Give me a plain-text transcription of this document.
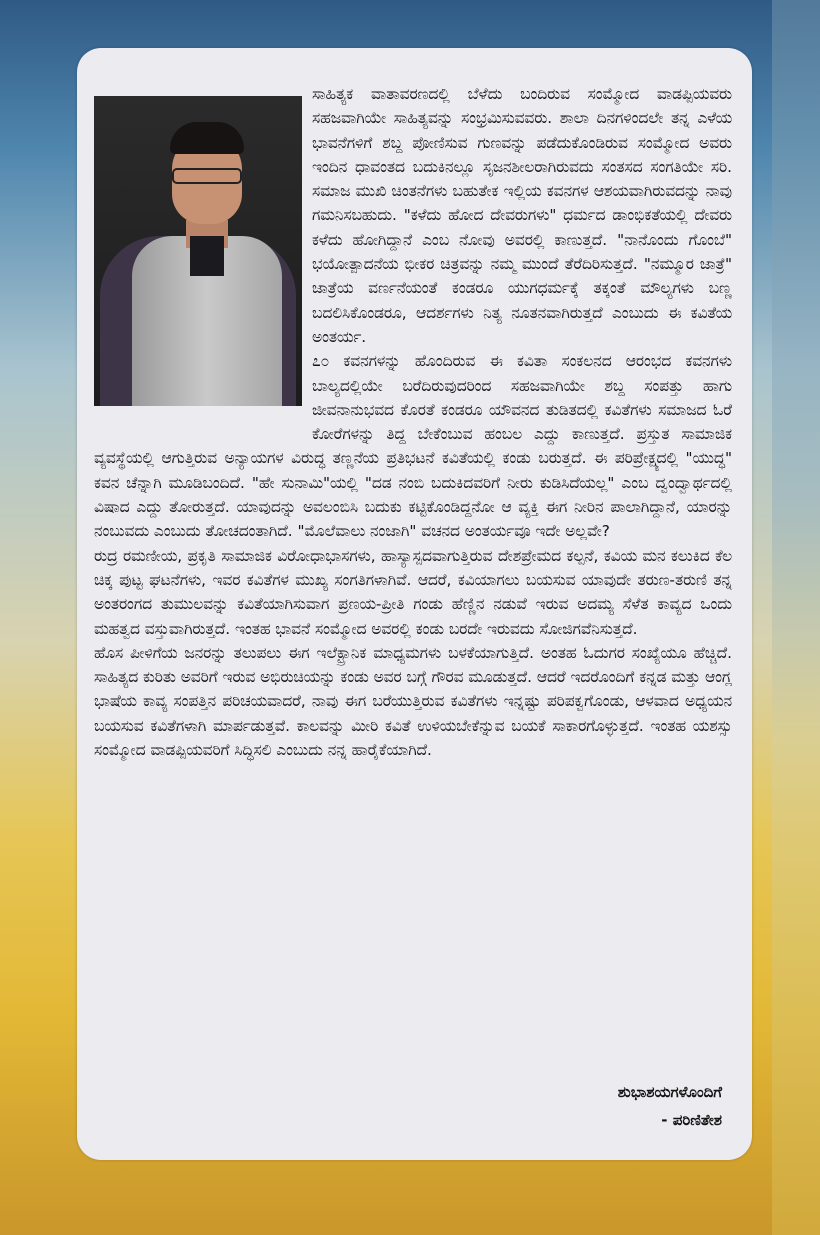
ಸಾಹಿತ್ಯಕ ವಾತಾವರಣದಲ್ಲಿ ಬೆಳೆದು ಬಂದಿರುವ ಸಂಮ್ಮೋದ ವಾಡಪ್ಪಿಯವರು ಸಹಜವಾಗಿಯೇ ಸಾಹಿತ್ಯವನ್ನು ಸಂಭ್ರಮಿಸುವವರು. ಶಾಲಾ ದಿನಗಳಿಂದಲೇ ತನ್ನ ಎಳೆಯ ಭಾವನೆಗಳಿಗೆ ಶಬ್ದ ಪೋಣಿಸುವ ಗುಣವನ್ನು ಪಡೆದುಕೊಂಡಿರುವ ಸಂಮ್ಮೋದ ಅವರು ಇಂದಿನ ಧಾವಂತದ ಬದುಕಿನಲ್ಲೂ ಸೃಜನಶೀಲರಾಗಿರುವದು ಸಂತಸದ ಸಂಗತಿಯೇ ಸರಿ. ಸಮಾಜ ಮುಖಿ ಚಿಂತನೆಗಳು ಬಹುತೇಕ ಇಲ್ಲಿಯ ಕವನಗಳ ಆಶಯವಾಗಿರುವದನ್ನು ನಾವು ಗಮನಿಸಬಹುದು. "ಕಳೆದು ಹೋದ ದೇವರುಗಳು" ಧರ್ಮದ ಡಾಂಭಿಕತೆಯಲ್ಲಿ ದೇವರು ಕಳೆದು ಹೋಗಿದ್ದಾನೆ ಎಂಬ ನೋವು ಅವರಲ್ಲಿ ಕಾಣುತ್ತದೆ. "ನಾನೊಂದು ಗೊಂಬೆ" ಭಯೋತ್ಪಾದನೆಯ ಭೀಕರ ಚಿತ್ರವನ್ನು ನಮ್ಮ ಮುಂದೆ ತೆರೆದಿರಿಸುತ್ತದೆ. "ನಮ್ಮೂರ ಜಾತ್ರೆ" ಜಾತ್ರೆಯ ವರ್ಣನೆಯಂತೆ ಕಂಡರೂ ಯುಗಧರ್ಮಕ್ಕೆ ತಕ್ಕಂತೆ ಮೌಲ್ಯಗಳು ಬಣ್ಣ ಬದಲಿಸಿಕೊಂಡರೂ, ಆದರ್ಶಗಳು ನಿತ್ಯ ನೂತನವಾಗಿರುತ್ತದೆ ಎಂಬುದು ಈ ಕವಿತೆಯ ಅಂತರ್ಯ.

೭೦ ಕವನಗಳನ್ನು ಹೊಂದಿರುವ ಈ ಕವಿತಾ ಸಂಕಲನದ ಆರಂಭದ ಕವನಗಳು ಬಾಲ್ಯದಲ್ಲಿಯೇ ಬರೆದಿರುವುದರಿಂದ ಸಹಜವಾಗಿಯೇ ಶಬ್ದ ಸಂಪತ್ತು ಹಾಗು ಜೀವನಾನುಭವದ ಕೊರತೆ ಕಂಡರೂ ಯೌವನದ ತುಡಿತದಲ್ಲಿ ಕವಿತೆಗಳು ಸಮಾಜದ ಓರೆ ಕೋರೆಗಳನ್ನು ತಿದ್ದ ಬೇಕೆಂಬುವ ಹಂಬಲ ಎದ್ದು ಕಾಣುತ್ತದೆ. ಪ್ರಸ್ತುತ ಸಾಮಾಜಿಕ ವ್ಯವಸ್ಥೆಯಲ್ಲಿ ಆಗುತ್ತಿರುವ ಅನ್ಯಾಯಗಳ ವಿರುದ್ಧ ತಣ್ಣನೆಯ ಪ್ರತಿಭಟನೆ ಕವಿತೆಯಲ್ಲಿ ಕಂಡು ಬರುತ್ತದೆ. ಈ ಪರಿಪ್ರೇಕ್ಷ್ಯದಲ್ಲಿ "ಯುದ್ಧ" ಕವನ ಚೆನ್ನಾಗಿ ಮೂಡಿಬಂದಿದೆ. "ಹೇ ಸುನಾಮಿ"ಯಲ್ಲಿ "ದಡ ನಂಬಿ ಬದುಕಿದವರಿಗೆ ನೀರು ಕುಡಿಸಿದೆಯಲ್ಲ" ಎಂಬ ದ್ವಂದ್ವಾರ್ಥದಲ್ಲಿ ವಿಷಾದ ಎದ್ದು ತೋರುತ್ತದೆ. ಯಾವುದನ್ನು ಅವಲಂಬಿಸಿ ಬದುಕು ಕಟ್ಟಿಕೊಂಡಿದ್ದನೋ ಆ ವ್ಯಕ್ತಿ ಈಗ ನೀರಿನ ಪಾಲಾಗಿದ್ದಾನೆ, ಯಾರನ್ನು ನಂಬುವದು ಎಂಬುದು ತೋಚದಂತಾಗಿದೆ. "ಮೊಲೆವಾಲು ನಂಜಾಗಿ" ವಚನದ ಅಂತರ್ಯವೂ ಇದೇ ಅಲ್ಲವೇ?

ರುದ್ರ ರಮಣೀಯ, ಪ್ರಕೃತಿ ಸಾಮಾಜಿಕ ವಿರೋಧಾಭಾಸಗಳು, ಹಾಸ್ಯಾಸ್ಪದವಾಗುತ್ತಿರುವ ದೇಶಪ್ರೇಮದ ಕಲ್ಪನೆ, ಕವಿಯ ಮನ ಕಲುಕಿದ ಕೆಲ ಚಿಕ್ಕ ಪುಟ್ಟ ಘಟನೆಗಳು, ಇವರ ಕವಿತೆಗಳ ಮುಖ್ಯ ಸಂಗತಿಗಳಾಗಿವೆ. ಆದರೆ, ಕವಿಯಾಗಲು ಬಯಸುವ ಯಾವುದೇ ತರುಣ-ತರುಣಿ ತನ್ನ ಅಂತರಂಗದ ತುಮುಲವನ್ನು ಕವಿತೆಯಾಗಿಸುವಾಗ ಪ್ರಣಯ-ಪ್ರೀತಿ ಗಂಡು ಹೆಣ್ಣಿನ ನಡುವೆ ಇರುವ ಅದಮ್ಯ ಸೆಳೆತ ಕಾವ್ಯದ ಒಂದು ಮಹತ್ವದ ವಸ್ತುವಾಗಿರುತ್ತದೆ. ಇಂತಹ ಭಾವನೆ ಸಂಮ್ಮೋದ ಅವರಲ್ಲಿ ಕಂಡು ಬರದೇ ಇರುವದು ಸೋಜಿಗವೆನಿಸುತ್ತದೆ.

ಹೊಸ ಪೀಳಿಗೆಯ ಜನರನ್ನು ತಲುಪಲು ಈಗ ಇಲೆಕ್ಟ್ರಾನಿಕ ಮಾಧ್ಯಮಗಳು ಬಳಕೆಯಾಗುತ್ತಿದೆ. ಅಂತಹ ಓದುಗರ ಸಂಖ್ಯೆಯೂ ಹೆಚ್ಚಿದೆ. ಸಾಹಿತ್ಯದ ಕುರಿತು ಅವರಿಗೆ ಇರುವ ಅಭಿರುಚಿಯನ್ನು ಕಂಡು ಅವರ ಬಗ್ಗೆ ಗೌರವ ಮೂಡುತ್ತದೆ. ಆದರೆ ಇದರೊಂದಿಗೆ ಕನ್ನಡ ಮತ್ತು ಆಂಗ್ಲ ಭಾಷೆಯ ಕಾವ್ಯ ಸಂಪತ್ತಿನ ಪರಿಚಯವಾದರೆ, ನಾವು ಈಗ ಬರೆಯುತ್ತಿರುವ ಕವಿತೆಗಳು ಇನ್ನಷ್ಟು ಪರಿಪಕ್ವಗೊಂಡು, ಆಳವಾದ ಅಧ್ಯಯನ ಬಯಸುವ ಕವಿತೆಗಳಾಗಿ ಮಾರ್ಪಡುತ್ತವೆ. ಕಾಲವನ್ನು ಮೀರಿ ಕವಿತೆ ಉಳಿಯಬೇಕೆನ್ನುವ ಬಯಕೆ ಸಾಕಾರಗೊಳ್ಳುತ್ತದೆ. ಇಂತಹ ಯಶಸ್ಸು ಸಂಮ್ಮೋದ ವಾಡಪ್ಪಿಯವರಿಗೆ ಸಿದ್ಧಿಸಲಿ ಎಂಬುದು ನನ್ನ ಹಾರೈಕೆಯಾಗಿದೆ.

ಶುಭಾಶಯಗಳೊಂದಿಗೆ
- ಪರಿಣಿತೇಶ
